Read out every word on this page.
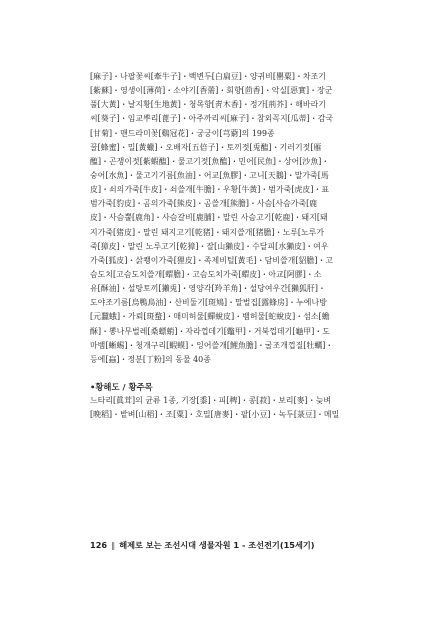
[麻子]・나팔꽃씨[牽牛子]・백변두[白扁豆]・양귀비[罌粟]・차조기
[紫蘇]・영생이[薄荷]・소야기[香薷]・회향[茴香]・악실[惡實]・장군
풀[大黃]・날지황[生地黃]・청목향[靑木香]・정가[荊芥]・해바라기
씨[葵子]・임교뿌리[蓖子]・아주까리씨[麻子]・참외꼭지[瓜蒂]・감국
[甘菊]・맨드라미꽃[鷄冠花]・궁궁이[芎藭]의 199종
꿀[蜂蜜]・밀[黃蠟]・오배자[五倍子]・토끼젓[兎醢]・기러기젓[雁
醢]・곤쟁이젓[紫蝦醢]・물고기젓[魚醢]・민어[民魚]・상어[沙魚]・
숭어[水魚]・물고기기름[魚油]・어교[魚膠]・고니[天鵝]・말가죽[馬
皮]・쇠의가죽[牛皮]・쇠쓸개[牛膽]・우황[牛黃]・범가죽[虎皮]・표
범가죽[豹皮]・곰의가죽[熊皮]・곰쓸개[熊膽]・사슴[사슴가죽[鹿
皮]・사슴뿔[鹿角]・사슴갈비[鹿脯]・말린 사슴고기[乾鹿]・돼지[돼
지가죽[猪皮]・말린 돼지고기[乾猪]・돼지쓸개[猪膽]・노루[노루가
죽[獐皮]・말린 노루고기[乾獐]・잘[山獺皮]・수달피[水獺皮]・여우
가죽[狐皮]・삵쾡이가죽[狸皮]・족제비털[黃毛]・담비쓸개[貂膽]・고
슴도치[고슴도치쓸개[蝟膽]・고슴도치가죽[蝟皮]・아교[阿膠]・소
유[酥油]・설탕토끼[獺兎]・영양각[羚羊角]・설당여우간[獺狐肝]・
도야조기름[烏鴨鳥油]・산비둘기[斑鳩]・말벌집[露蜂房]・누에나방
[元蠶蛾]・가뢰[斑蝥]・매미허물[蟬蛻皮]・뱀허물[蛇蛻皮]・섬소[蟾
酥]・뽕나무벌레[桑螵蛸]・자라껍데기[鼈甲]・거북껍데기[龜甲]・도
마뱀[蜥蜴]・청개구리[蝦蟆]・잉어쓸개[鯉魚膽]・굴조개껍질[牡蠣]・
등에[蝱]・정분[丁粉]의 동물 40종
•황해도 / 황주목
느타리[眞茸]의 균류 1종, 기장[黍]・피[稗]・콩[菽]・보리[麥]・늦벼
[晩稻]・밭벼[山稻]・조[粟]・호밀[唐麥]・팥[小豆]・녹두[菉豆]・메밀
126 ‖ 해제로 보는 조선시대 생물자원 1 - 조선전기(15세기)
